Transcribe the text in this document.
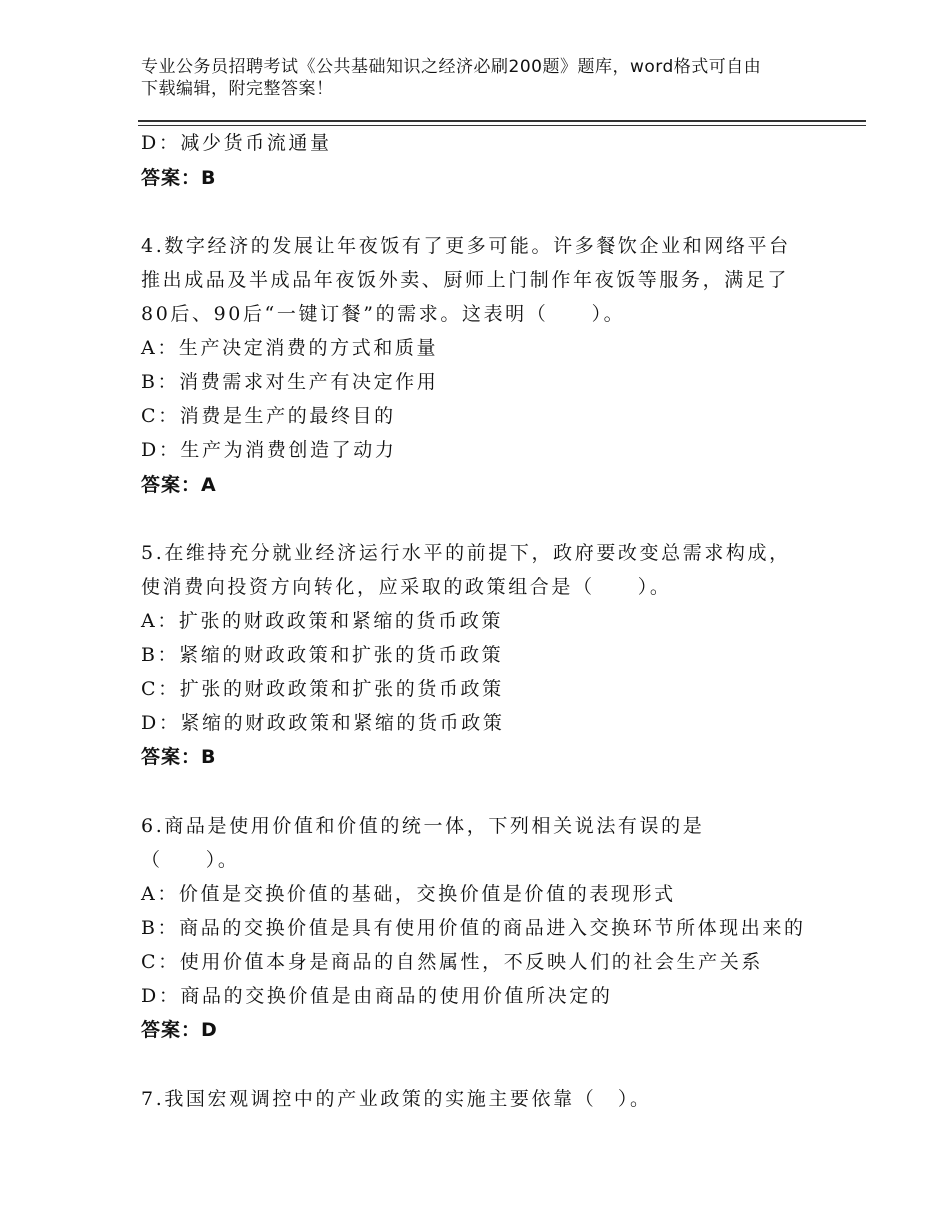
专业公务员招聘考试《公共基础知识之经济必刷200题》题库，word格式可自由
下载编辑，附完整答案！
D：减少货币流通量
答案：B
4.数字经济的发展让年夜饭有了更多可能。许多餐饮企业和网络平台
推出成品及半成品年夜饭外卖、厨师上门制作年夜饭等服务，满足了
80后、90后“一键订餐”的需求。这表明（　　）。
A：生产决定消费的方式和质量
B：消费需求对生产有决定作用
C：消费是生产的最终目的
D：生产为消费创造了动力
答案：A
5.在维持充分就业经济运行水平的前提下，政府要改变总需求构成，
使消费向投资方向转化，应采取的政策组合是（　　）。
A：扩张的财政政策和紧缩的货币政策
B：紧缩的财政政策和扩张的货币政策
C：扩张的财政政策和扩张的货币政策
D：紧缩的财政政策和紧缩的货币政策
答案：B
6.商品是使用价值和价值的统一体，下列相关说法有误的是
（　　）。
A：价值是交换价值的基础，交换价值是价值的表现形式
B：商品的交换价值是具有使用价值的商品进入交换环节所体现出来的
C：使用价值本身是商品的自然属性，不反映人们的社会生产关系
D：商品的交换价值是由商品的使用价值所决定的
答案：D
7.我国宏观调控中的产业政策的实施主要依靠（　）。
